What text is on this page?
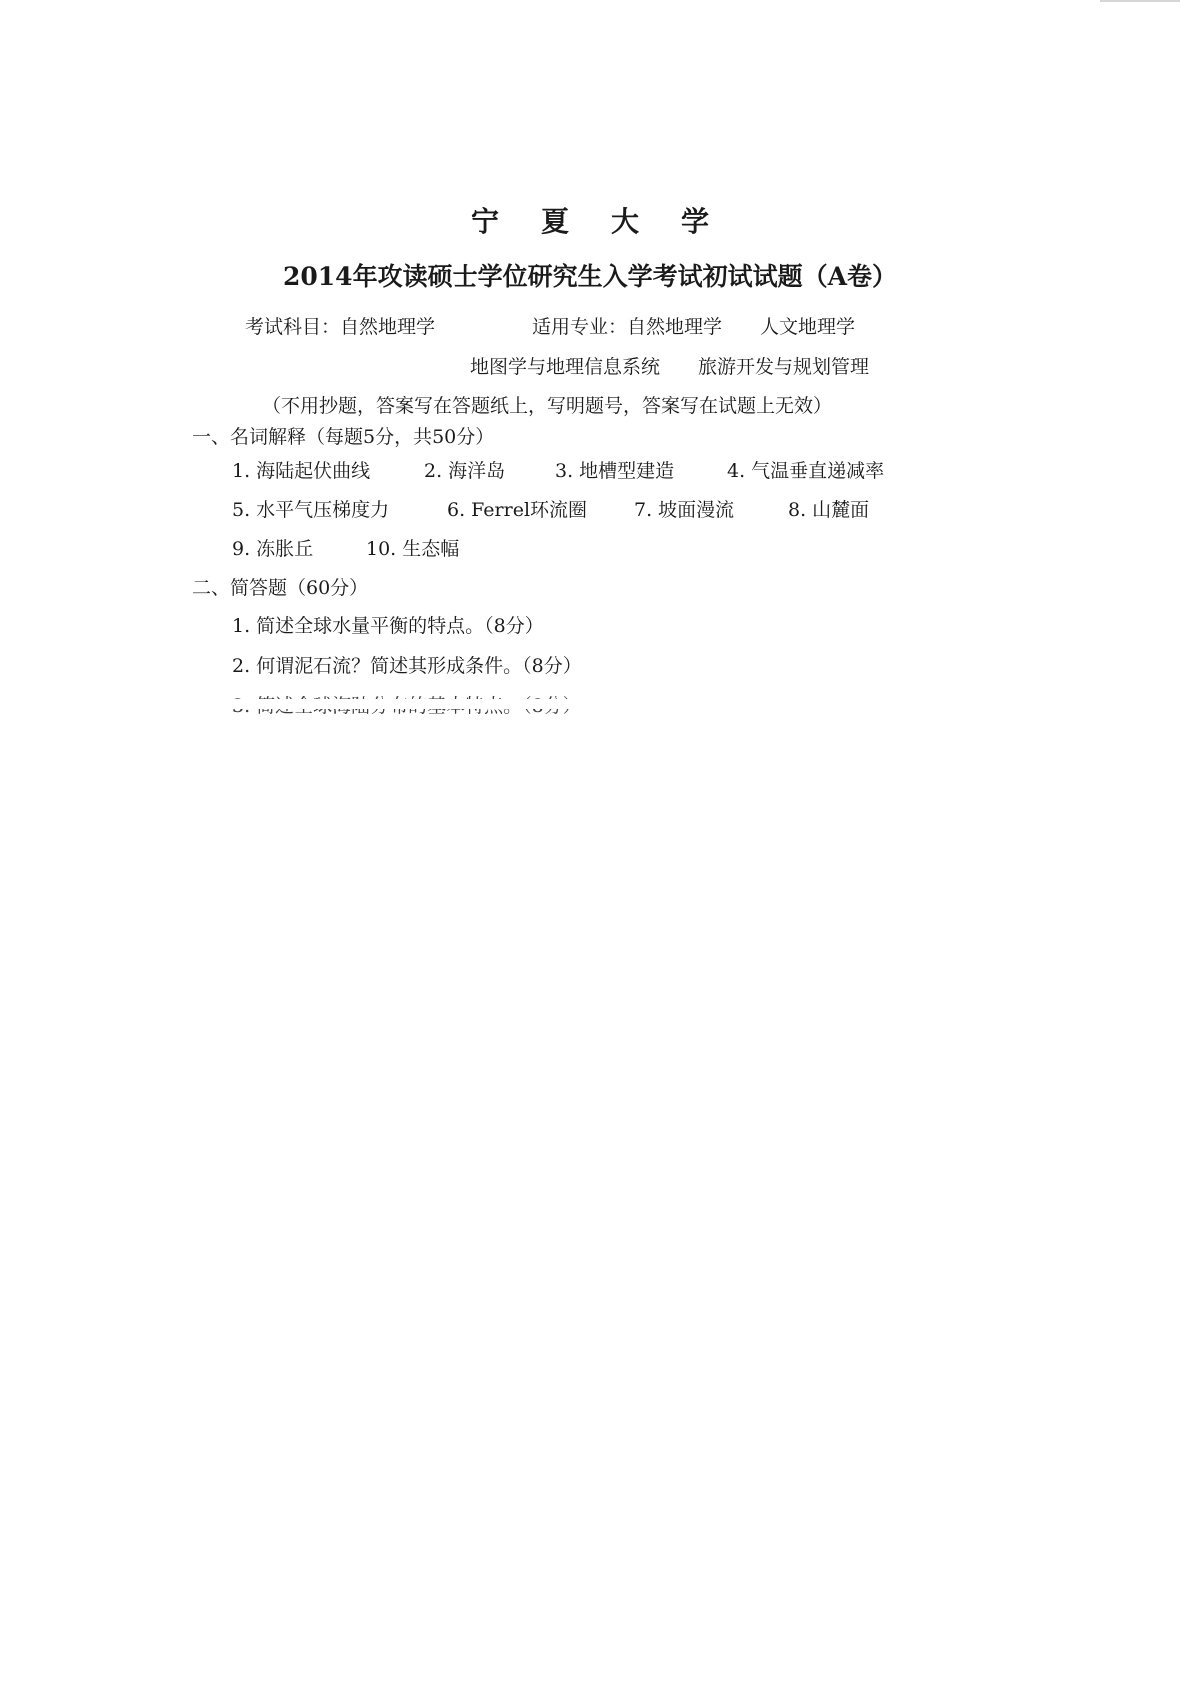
宁夏大学
2014年攻读硕士学位研究生入学考试初试试题（A卷）
考试科目：自然地理学	适用专业：自然地理学　　人文地理学
地图学与地理信息系统　　旅游开发与规划管理
（不用抄题，答案写在答题纸上，写明题号，答案写在试题上无效）
一、名词解释（每题5分，共50分）
1. 海陆起伏曲线	2. 海洋岛	3. 地槽型建造	4. 气温垂直递减率
5. 水平气压梯度力	6. Ferrel环流圈 7. 坡面漫流	8. 山麓面
9. 冻胀丘	10. 生态幅
二、简答题（60分）
1. 简述全球水量平衡的特点。（8分）
2. 何谓泥石流？简述其形成条件。（8分）
